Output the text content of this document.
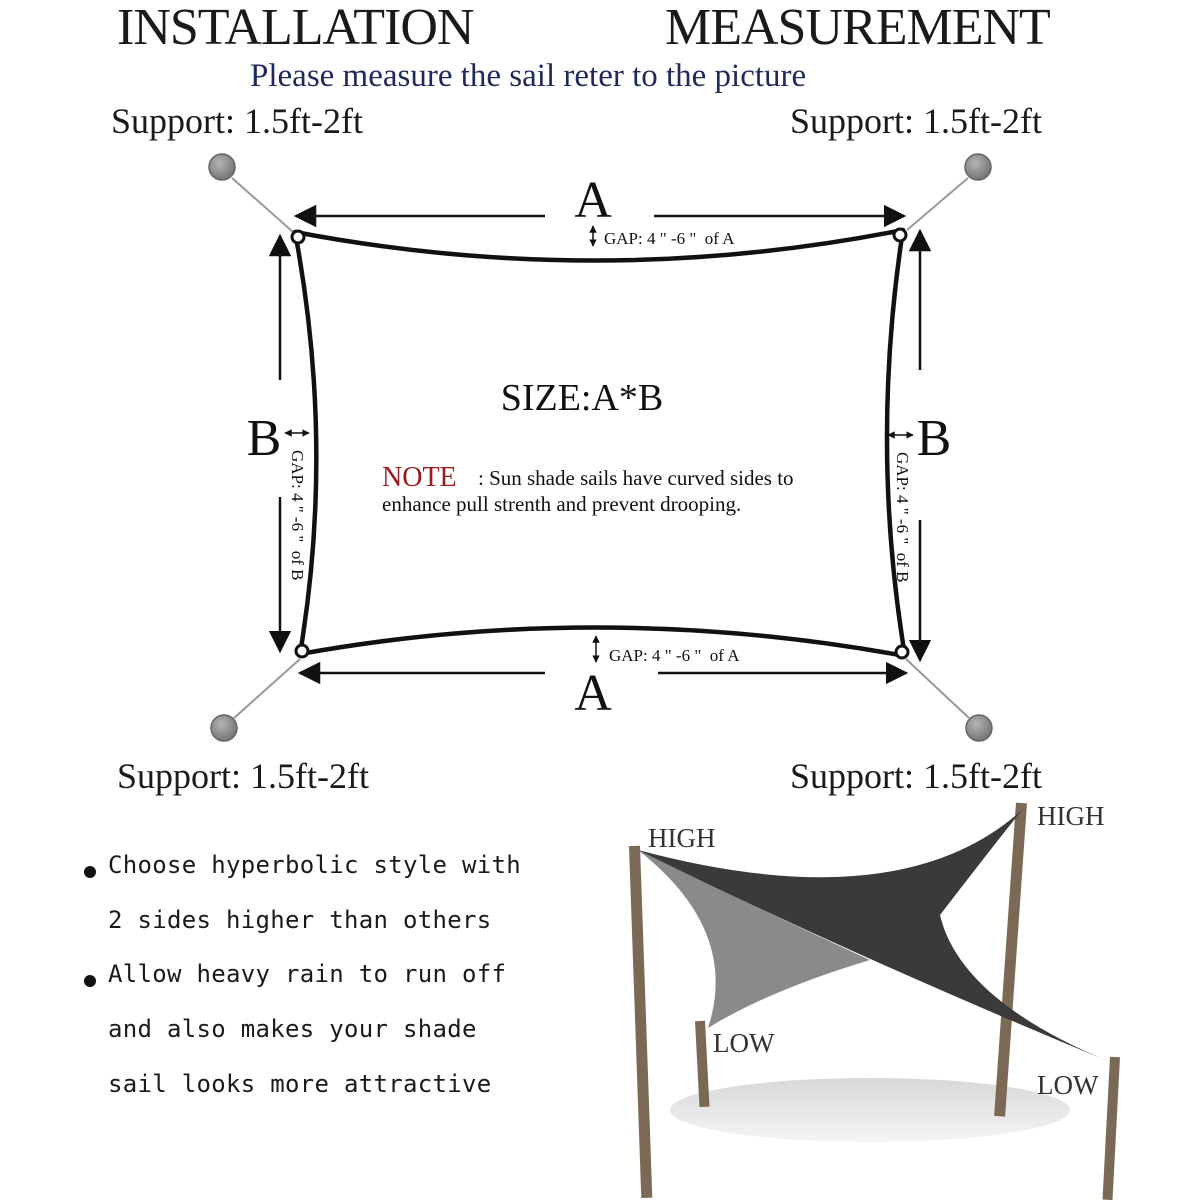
INSTALLATION	MEASUREMENT
Please measure the sail reter to the picture
Support: 1.5ft-2ft	Support: 1.5ft-2ft
Support: 1.5ft-2ft	Support: 1.5ft-2ft
A
GAP: 4 " -6 "  of A
A
GAP: 4 " -6 "  of A
B
GAP: 4 " -6 "  of B
B
GAP: 4 " -6 "  of B
SIZE:A*B
NOTE : Sun shade sails have curved sides to
enhance pull strenth and prevent drooping.
HIGH
HIGH
LOW
LOW
Choose hyperbolic style with
2 sides higher than others
Allow heavy rain to run off
and also makes your shade
sail looks more attractive
